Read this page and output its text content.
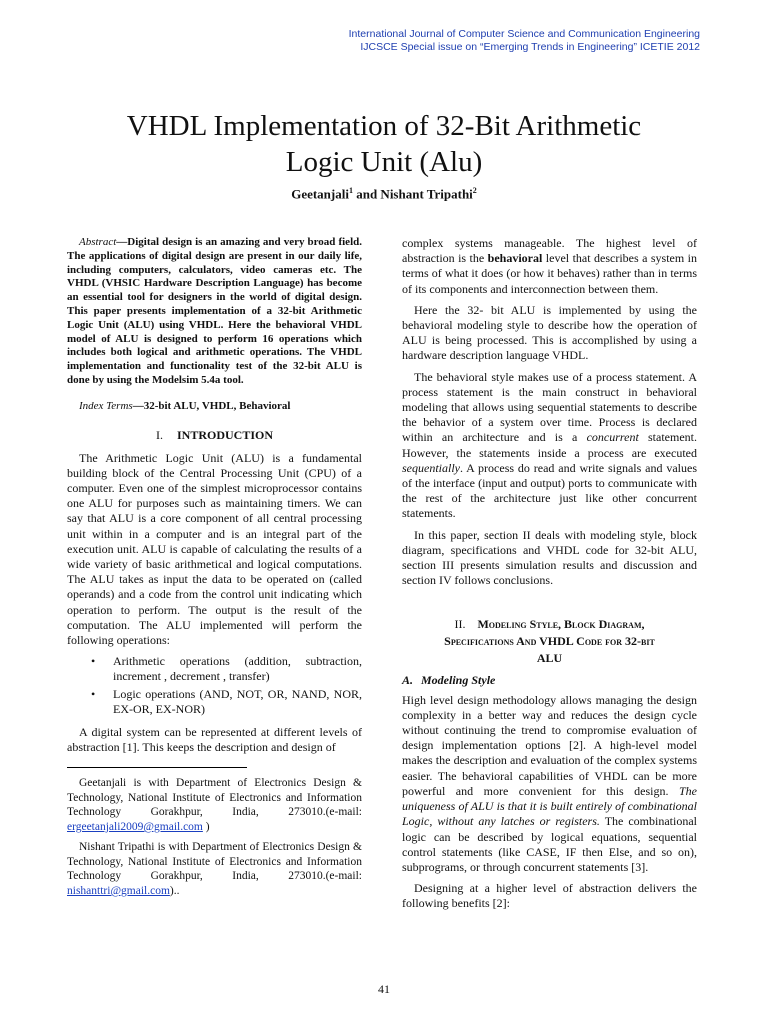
International Journal of Computer Science and Communication Engineering
IJCSCE Special issue on “Emerging Trends in Engineering” ICETIE 2012
VHDL Implementation of 32-Bit Arithmetic
Logic Unit (Alu)
Geetanjali$^1$ and Nishant Tripathi$^2$

Abstract—Digital design is an amazing and very broad field. The applications of digital design are present in our daily life, including computers, calculators, video cameras etc. The VHDL (VHSIC Hardware Description Language) has become an essential tool for designers in the world of digital design. This paper presents implementation of a 32-bit Arithmetic Logic Unit (ALU) using VHDL. Here the behavioral VHDL model of ALU is designed to perform 16 operations which includes both logical and arithmetic operations. The VHDL implementation and functionality test of the 32-bit ALU is done by using the Modelsim 5.4a tool.

Index Terms—32-bit ALU, VHDL, Behavioral

I. INTRODUCTION

The Arithmetic Logic Unit (ALU) is a fundamental building block of the Central Processing Unit (CPU) of a computer. Even one of the simplest microprocessor contains one ALU for purposes such as maintaining timers. We can say that ALU is a core component of all central processing unit within in a computer and is an integral part of the execution unit. ALU is capable of calculating the results of a wide variety of basic arithmetical and logical computations. The ALU takes as input the data to be operated on (called operands) and a code from the control unit indicating which operation to perform. The output is the result of the computation. The ALU implemented will perform the following operations:

• Arithmetic operations (addition, subtraction, increment , decrement , transfer)
• Logic operations (AND, NOT, OR, NAND, NOR, EX-OR, EX-NOR)

A digital system can be represented at different levels of abstraction [1]. This keeps the description and design of

Geetanjali is with Department of Electronics Design & Technology, National Institute of Electronics and Information Technology Gorakhpur, India, 273010.(e-mail: ergeetanjali2009@gmail.com )

Nishant Tripathi is with Department of Electronics Design & Technology, National Institute of Electronics and Information Technology Gorakhpur, India, 273010.(e-mail: nishanttri@gmail.com)..

complex systems manageable. The highest level of abstraction is the behavioral level that describes a system in terms of what it does (or how it behaves) rather than in terms of its components and interconnection between them.

Here the 32- bit ALU is implemented by using the behavioral modeling style to describe how the operation of ALU is being processed. This is accomplished by using a hardware description language VHDL.

The behavioral style makes use of a process statement. A process statement is the main construct in behavioral modeling that allows using sequential statements to describe the behavior of a system over time. Process is declared within an architecture and is a concurrent statement. However, the statements inside a process are executed sequentially. A process do read and write signals and values of the interface (input and output) ports to communicate with the rest of the architecture just like other concurrent statements.

In this paper, section II deals with modeling style, block diagram, specifications and VHDL code for 32-bit ALU, section III presents simulation results and discussion and section IV follows conclusions.

II. Modeling Style, Block Diagram,
Specifications And VHDL Code for 32-bit
ALU
A. Modeling Style

High level design methodology allows managing the design complexity in a better way and reduces the design cycle without continuing the trend to compromise evaluation of design implementation options [2]. A high-level model makes the description and evaluation of the complex systems easier. The behavioral capabilities of VHDL can be more powerful and more convenient for this design. The uniqueness of ALU is that it is built entirely of combinational Logic, without any latches or registers. The combinational logic can be described by logical equations, sequential control statements (like CASE, IF then Else, and so on), subprograms, or through concurrent statements [3].

Designing at a higher level of abstraction delivers the following benefits [2]:

41
